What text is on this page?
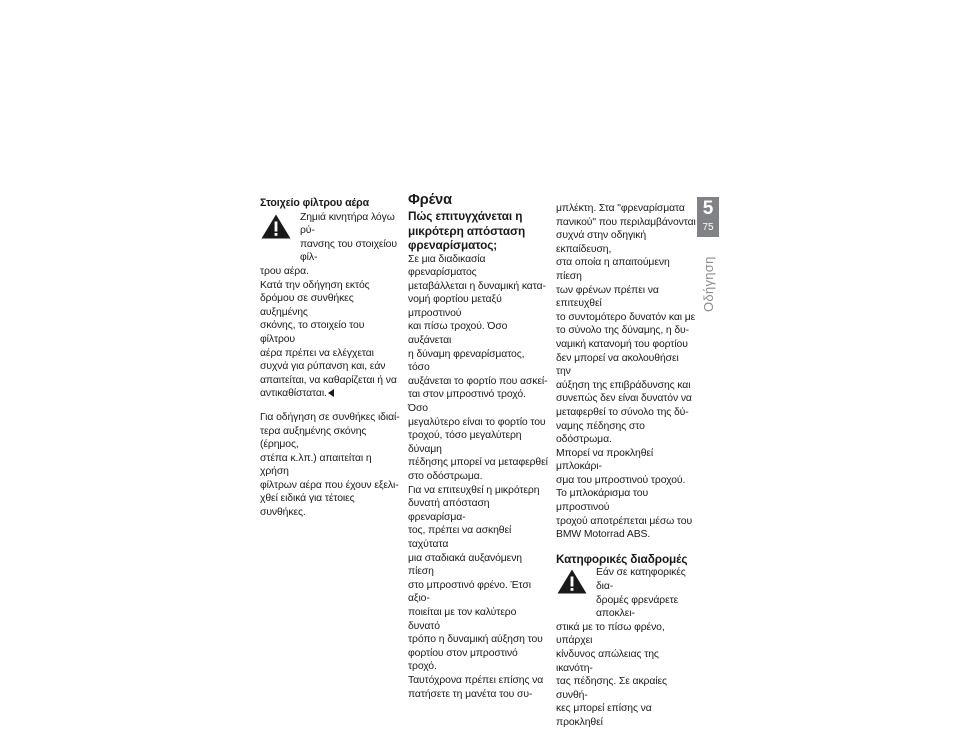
Στοιχείο φίλτρου αέρα

Ζημιά κινητήρα λόγω ρύ-

πανσης του στοιχείου φίλ-

τρου αέρα.

Κατά την οδήγηση εκτός

δρόμου σε συνθήκες αυξημένης

σκόνης, το στοιχείο του φίλτρου

αέρα πρέπει να ελέγχεται

συχνά για ρύπανση και, εάν

απαιτείται, να καθαρίζεται ή να

αντικαθίσταται.

Για οδήγηση σε συνθήκες ιδιαί-

τερα αυξημένης σκόνης (έρημος,

στέπα κ.λπ.) απαιτείται η χρήση

φίλτρων αέρα που έχουν εξελι-

χθεί ειδικά για τέτοιες συνθήκες.

Φρένα

Πώς επιτυγχάνεται η

μικρότερη απόσταση

φρεναρίσματος;

Σε μια διαδικασία φρεναρίσματος

μεταβάλλεται η δυναμική κατα-

νομή φορτίου μεταξύ μπροστινού

και πίσω τροχού. Όσο αυξάνεται

η δύναμη φρεναρίσματος, τόσο

αυξάνεται το φορτίο που ασκεί-

ται στον μπροστινό τροχό. Όσο

μεγαλύτερο είναι το φορτίο του

τροχού, τόσο μεγαλύτερη δύναμη

πέδησης μπορεί να μεταφερθεί

στο οδόστρωμα.

Για να επιτευχθεί η μικρότερη

δυνατή απόσταση φρεναρίσμα-

τος, πρέπει να ασκηθεί ταχύτατα

μια σταδιακά αυξανόμενη πίεση

στο μπροστινό φρένο. Έτσι αξιο-

ποιείται με τον καλύτερο δυνατό

τρόπο η δυναμική αύξηση του

φορτίου στον μπροστινό τροχό.

Ταυτόχρονα πρέπει επίσης να

πατήσετε τη μανέτα του συ-

μπλέκτη. Στα "φρεναρίσματα

πανικού" που περιλαμβάνονται

συχνά στην οδηγική εκπαίδευση,

στα οποία η απαιτούμενη πίεση

των φρένων πρέπει να επιτευχθεί

το συντομότερο δυνατόν και με

το σύνολο της δύναμης, η δυ-

ναμική κατανομή του φορτίου

δεν μπορεί να ακολουθήσει την

αύξηση της επιβράδυνσης και

συνεπώς δεν είναι δυνατόν να

μεταφερθεί το σύνολο της δύ-

ναμης πέδησης στο οδόστρωμα.

Μπορεί να προκληθεί μπλοκάρι-

σμα του μπροστινού τροχού.

Το μπλοκάρισμα του μπροστινού

τροχού αποτρέπεται μέσω του

BMW Motorrad ABS.

Κατηφορικές διαδρομές

Εάν σε κατηφορικές δια-

δρομές φρενάρετε αποκλει-

στικά με το πίσω φρένο, υπάρχει

κίνδυνος απώλειας της ικανότη-

τας πέδησης. Σε ακραίες συνθή-

κες μπορεί επίσης να προκληθεί

5
75
Οδήγηση
